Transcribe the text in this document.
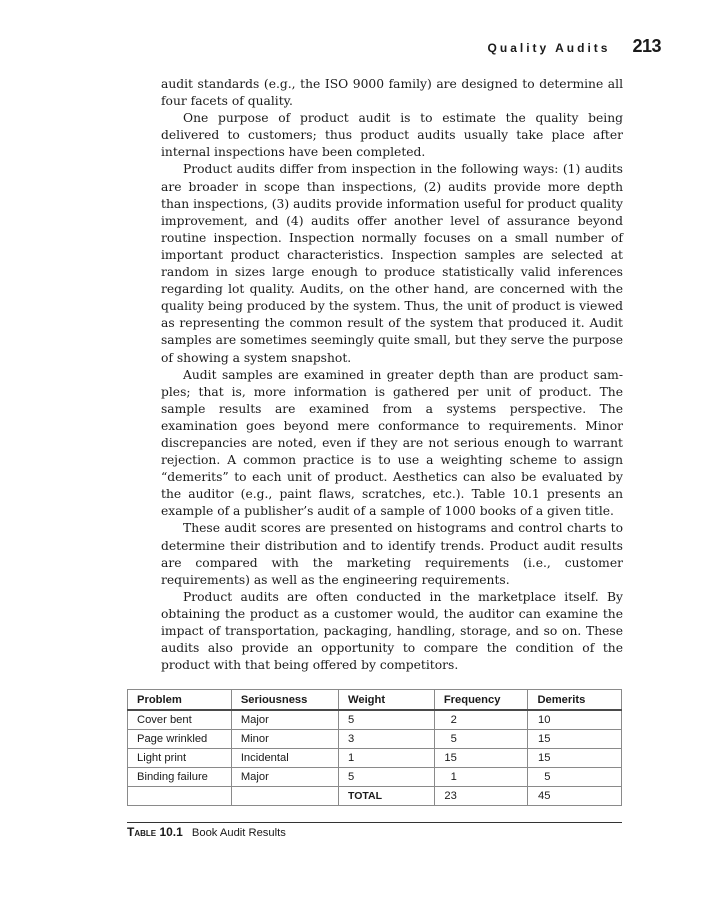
Quality Audits 213

audit standards (e.g., the ISO 9000 family) are designed to determine all four facets of quality.

One purpose of product audit is to estimate the quality being delivered to customers; thus product audits usually take place after internal inspections have been completed.

Product audits differ from inspection in the following ways: (1) audits are broader in scope than inspections, (2) audits provide more depth than inspections, (3) audits provide information useful for product quality improvement, and (4) audits offer another level of assurance beyond routine inspection. Inspection normally focuses on a small number of important product characteristics. Inspection samples are selected at random in sizes large enough to produce statistically valid inferences regarding lot quality. Audits, on the other hand, are concerned with the quality being produced by the system. Thus, the unit of product is viewed as representing the common result of the system that produced it. Audit samples are sometimes seemingly quite small, but they serve the purpose of showing a system snapshot.

Audit samples are examined in greater depth than are product samples; that is, more information is gathered per unit of product. The sample results are examined from a systems perspective. The examination goes beyond mere conformance to requirements. Minor discrepancies are noted, even if they are not serious enough to warrant rejection. A common practice is to use a weighting scheme to assign “demerits” to each unit of product. Aesthetics can also be evaluated by the auditor (e.g., paint flaws, scratches, etc.). Table 10.1 presents an example of a publisher’s audit of a sample of 1000 books of a given title.

These audit scores are presented on histograms and control charts to determine their distribution and to identify trends. Product audit results are compared with the marketing requirements (i.e., customer requirements) as well as the engineering requirements.

Product audits are often conducted in the marketplace itself. By obtaining the product as a customer would, the auditor can examine the impact of transportation, packaging, handling, storage, and so on. These audits also provide an opportunity to compare the condition of the product with that being offered by competitors.

Problem	Seriousness	Weight	Frequency	Demerits
Cover bent	Major	5	2	10
Page wrinkled	Minor	3	5	15
Light print	Incidental	1	15	15
Binding failure	Major	5	1	5
		TOTAL	23	45
Table 10.1 Book Audit Results
